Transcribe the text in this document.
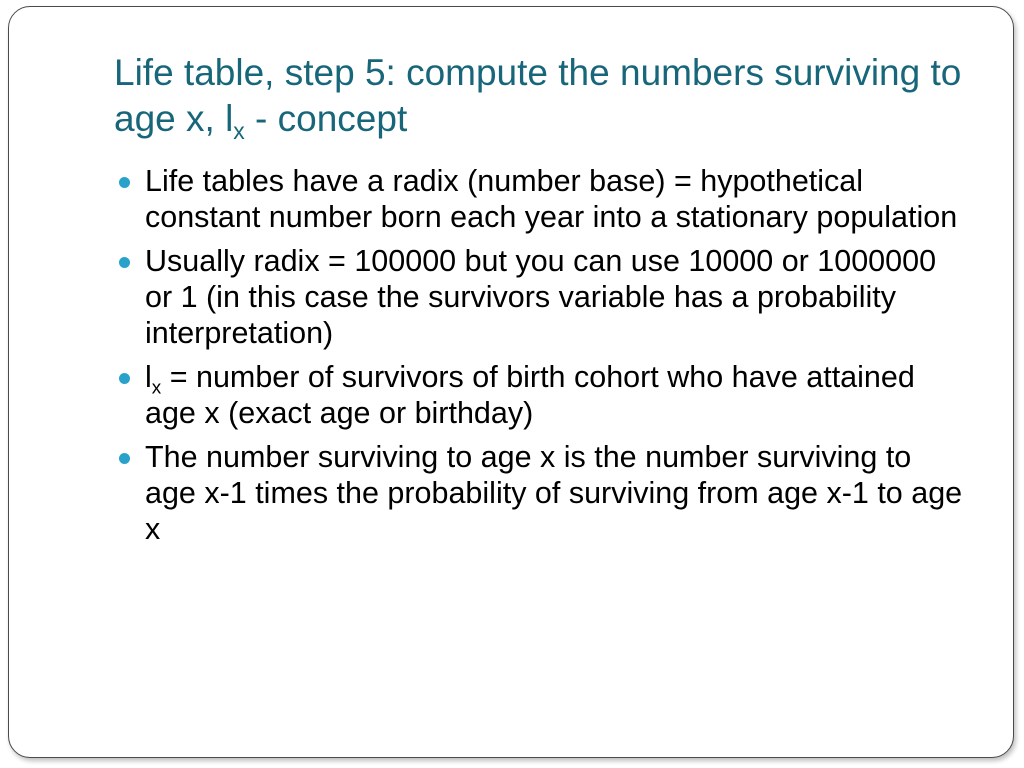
Life table, step 5: compute the numbers surviving to age x, $l_x$ - concept
Life tables have a radix (number base) = hypothetical constant number born each year into a stationary population
Usually radix = 100000 but you can use 10000 or 1000000 or 1 (in this case the survivors variable has a probability interpretation)
$l_x$ = number of survivors of birth cohort who have attained age x (exact age or birthday)
The number surviving to age x is the number surviving to age x-1 times the probability of surviving from age x-1 to age x
